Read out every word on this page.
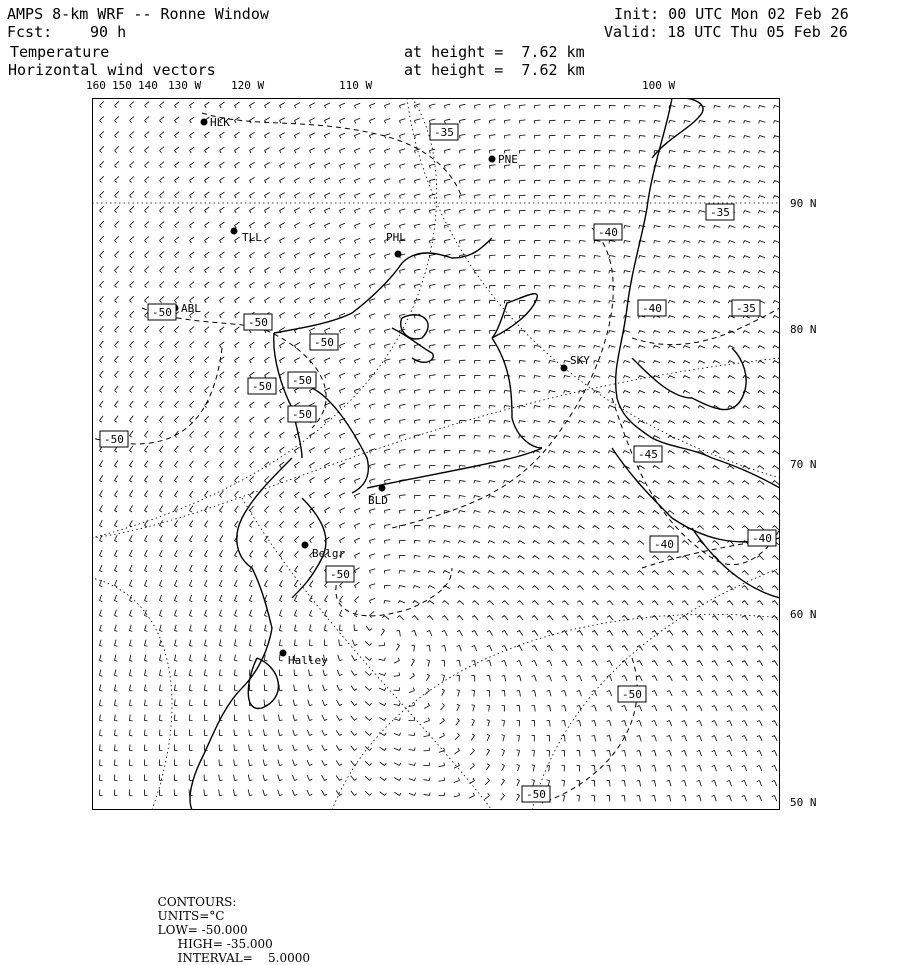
AMPS 8-km WRF -- Ronne Window
Fcst:	90 h
Init: 00 UTC Mon 02 Feb 26
Valid: 18 UTC Thu 05 Feb 26
Temperature	at height =  7.62 km
Horizontal wind vectors	at height =  7.62 km
160 150 140 130 W	120 W	110 W	100 W
90 N
80 N
70 N
60 N
50 N
HLK
PNE
TLL	PHL
ABL
SKY
BLD
Belgr
Halley
-35
-35
-40
-40	-35
-50
-50
-50
-50
-50
-50
-50
-45
-40	-40
-50
-50
-50

CONTOURS:
UNITS=°C
LOW= -50.000
HIGH= -35.000
INTERVAL=    5.0000
